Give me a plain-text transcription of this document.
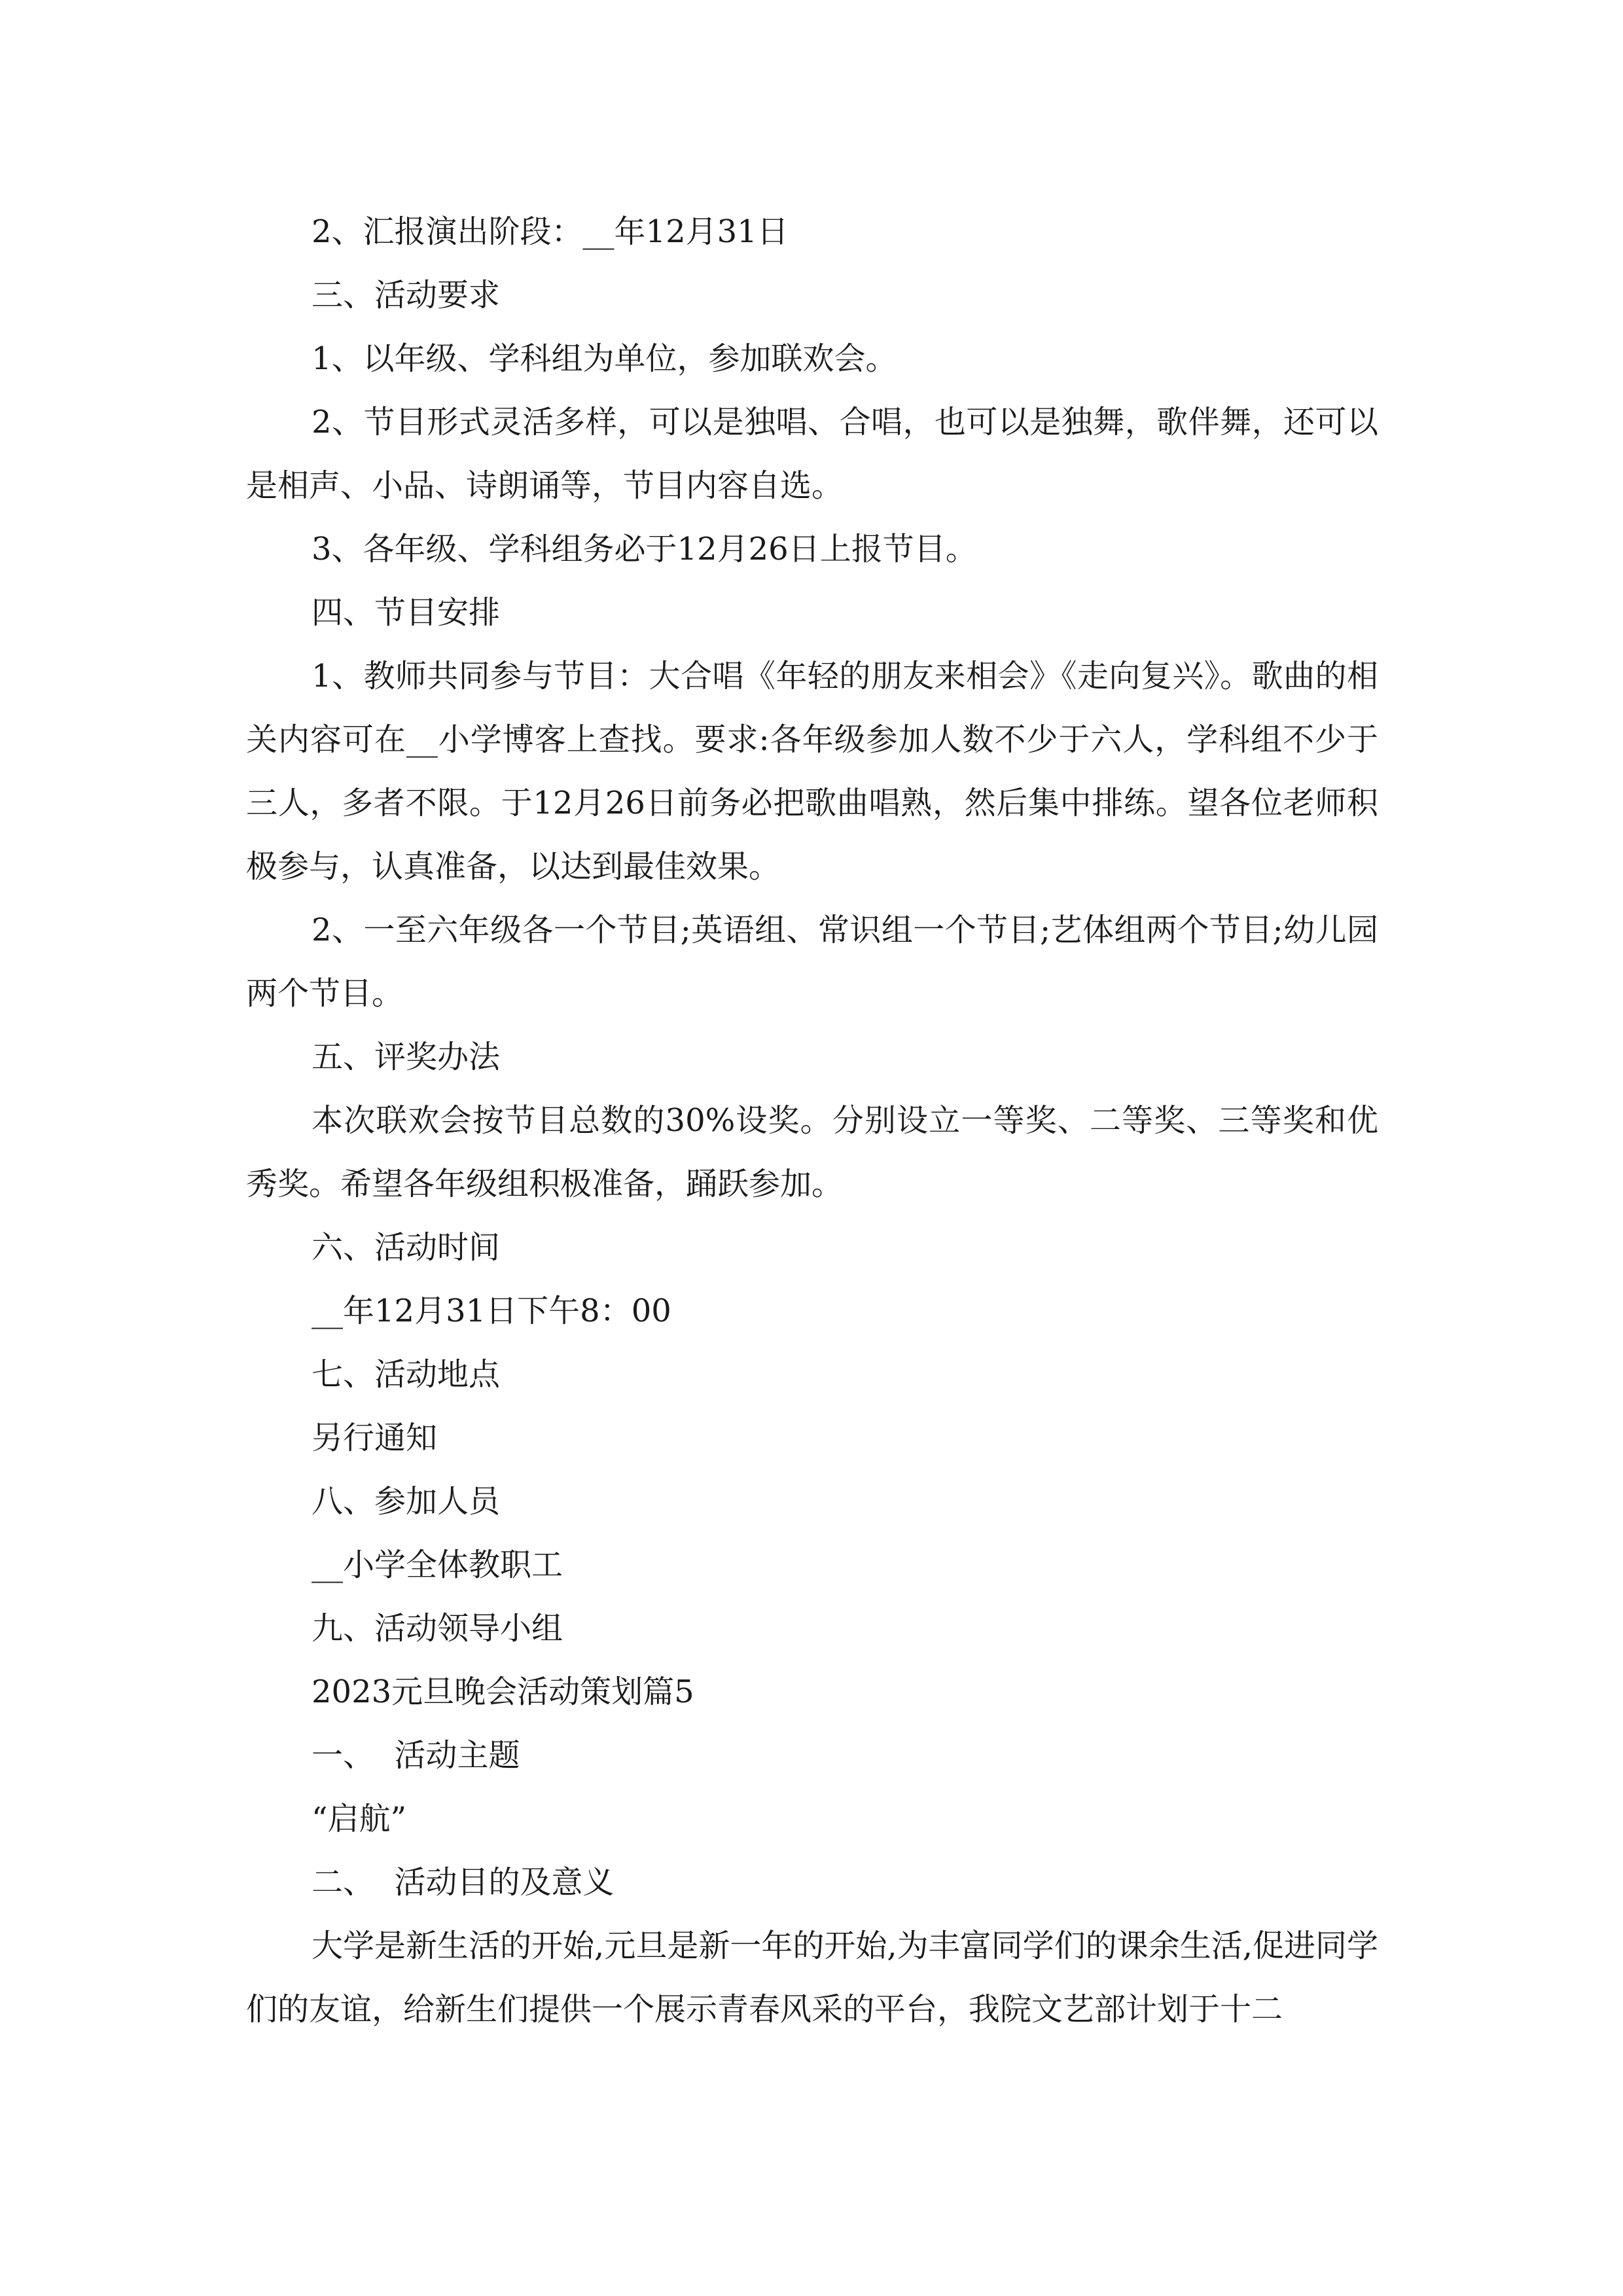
2、汇报演出阶段：__年12月31日

三、活动要求

1、以年级、学科组为单位，参加联欢会。

2、节目形式灵活多样，可以是独唱、合唱，也可以是独舞，歌伴舞，还可以是相声、小品、诗朗诵等，节目内容自选。

3、各年级、学科组务必于12月26日上报节目。

四、节目安排

1、教师共同参与节目：大合唱《年轻的朋友来相会》《走向复兴》。歌曲的相关内容可在__小学博客上查找。要求:各年级参加人数不少于六人，学科组不少于三人，多者不限。于12月26日前务必把歌曲唱熟，然后集中排练。望各位老师积极参与，认真准备，以达到最佳效果。

2、一至六年级各一个节目;英语组、常识组一个节目;艺体组两个节目;幼儿园两个节目。

五、评奖办法

本次联欢会按节目总数的30%设奖。分别设立一等奖、二等奖、三等奖和优秀奖。希望各年级组积极准备，踊跃参加。

六、活动时间

__年12月31日下午8：00

七、活动地点

另行通知

八、参加人员

__小学全体教职工

九、活动领导小组

2023元旦晚会活动策划篇5

一、  活动主题

“启航”

二、  活动目的及意义

大学是新生活的开始,元旦是新一年的开始,为丰富同学们的课余生活,促进同学们的友谊，给新生们提供一个展示青春风采的平台，我院文艺部计划于十二
